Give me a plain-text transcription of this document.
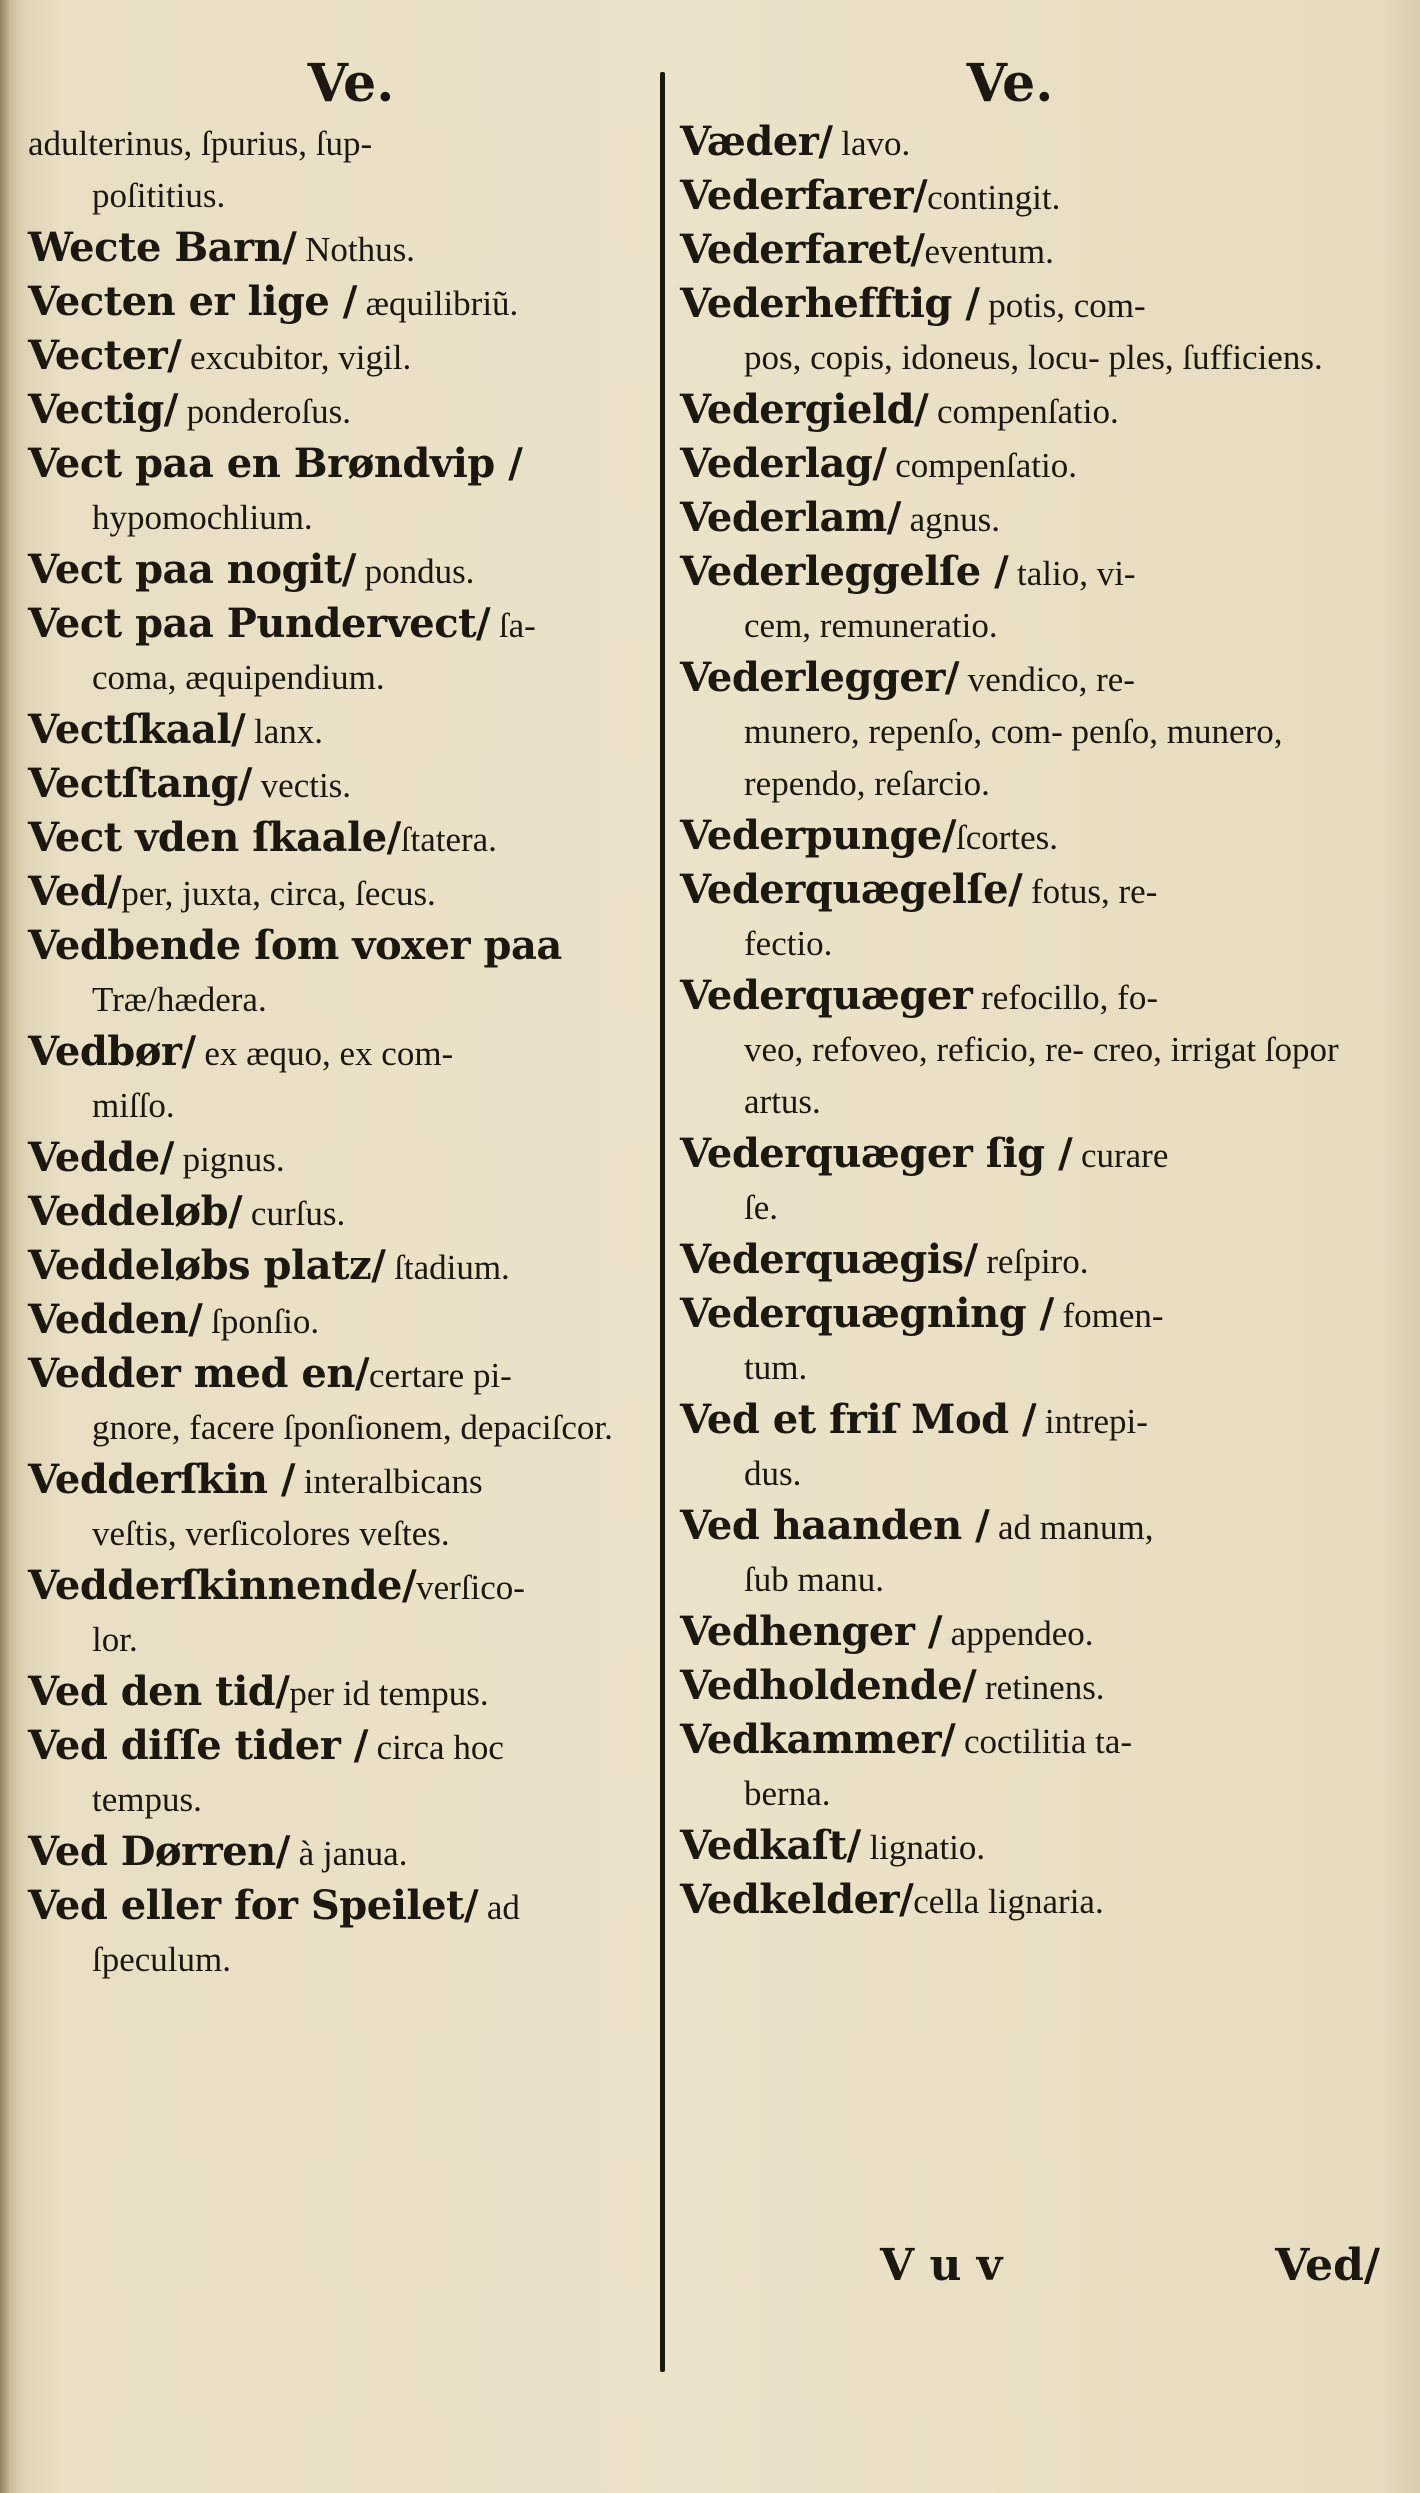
Ve.
adulterinus, ſpurius, ſup-
poſititius.
Wecte Barn/ Nothus.
Vecten er lige / æquilibriũ.
Vecter/ excubitor, vigil.
Vectig/ ponderoſus.
Vect paa en Brøndvip /
hypomochlium.
Vect paa nogit/ pondus.
Vect paa Pundervect/ ſa-
coma, æquipendium.
Vectſkaal/ lanx.
Vectſtang/ vectis.
Vect vden ſkaale/ſtatera.
Ved/per, juxta, circa, ſecus.
Vedbende ſom voxer paa
Træ/hædera.
Vedbør/ ex æquo, ex com-
miſſo.
Vedde/ pignus.
Veddeløb/ curſus.
Veddeløbs platz/ ſtadium.
Vedden/ ſponſio.
Vedder med en/certare pi-
gnore, facere ſponſionem, depaciſcor.
Vedderſkin / interalbicans
veſtis, verſicolores veſtes.
Vedderſkinnende/verſico-
lor.
Ved den tid/per id tempus.
Ved diſſe tider / circa hoc
tempus.
Ved Dørren/ à janua.
Ved eller for Speilet/ ad
ſpeculum.
Ve.
Væder/ lavo.
Vederfarer/contingit.
Vederfaret/eventum.
Vederhefftig / potis, com-
pos, copis, idoneus, locu- ples, ſufficiens.
Vedergield/ compenſatio.
Vederlag/ compenſatio.
Vederlam/ agnus.
Vederleggelſe / talio, vi-
cem, remuneratio.
Vederlegger/ vendico, re-
munero, repenſo, com- penſo, munero, rependo, reſarcio.
Vederpunge/ſcortes.
Vederquægelſe/ fotus, re-
fectio.
Vederquæger refocillo, fo-
veo, refoveo, reficio, re- creo, irrigat ſopor artus.
Vederquæger ſig / curare
ſe.
Vederquægis/ reſpiro.
Vederquægning / fomen-
tum.
Ved et friſ Mod / intrepi-
dus.
Ved haanden / ad manum,
ſub manu.
Vedhenger / appendeo.
Vedholdende/ retinens.
Vedkammer/ coctilitia ta-
berna.
Vedkaſt/ lignatio.
Vedkelder/cella lignaria.
V u v	Ved/
